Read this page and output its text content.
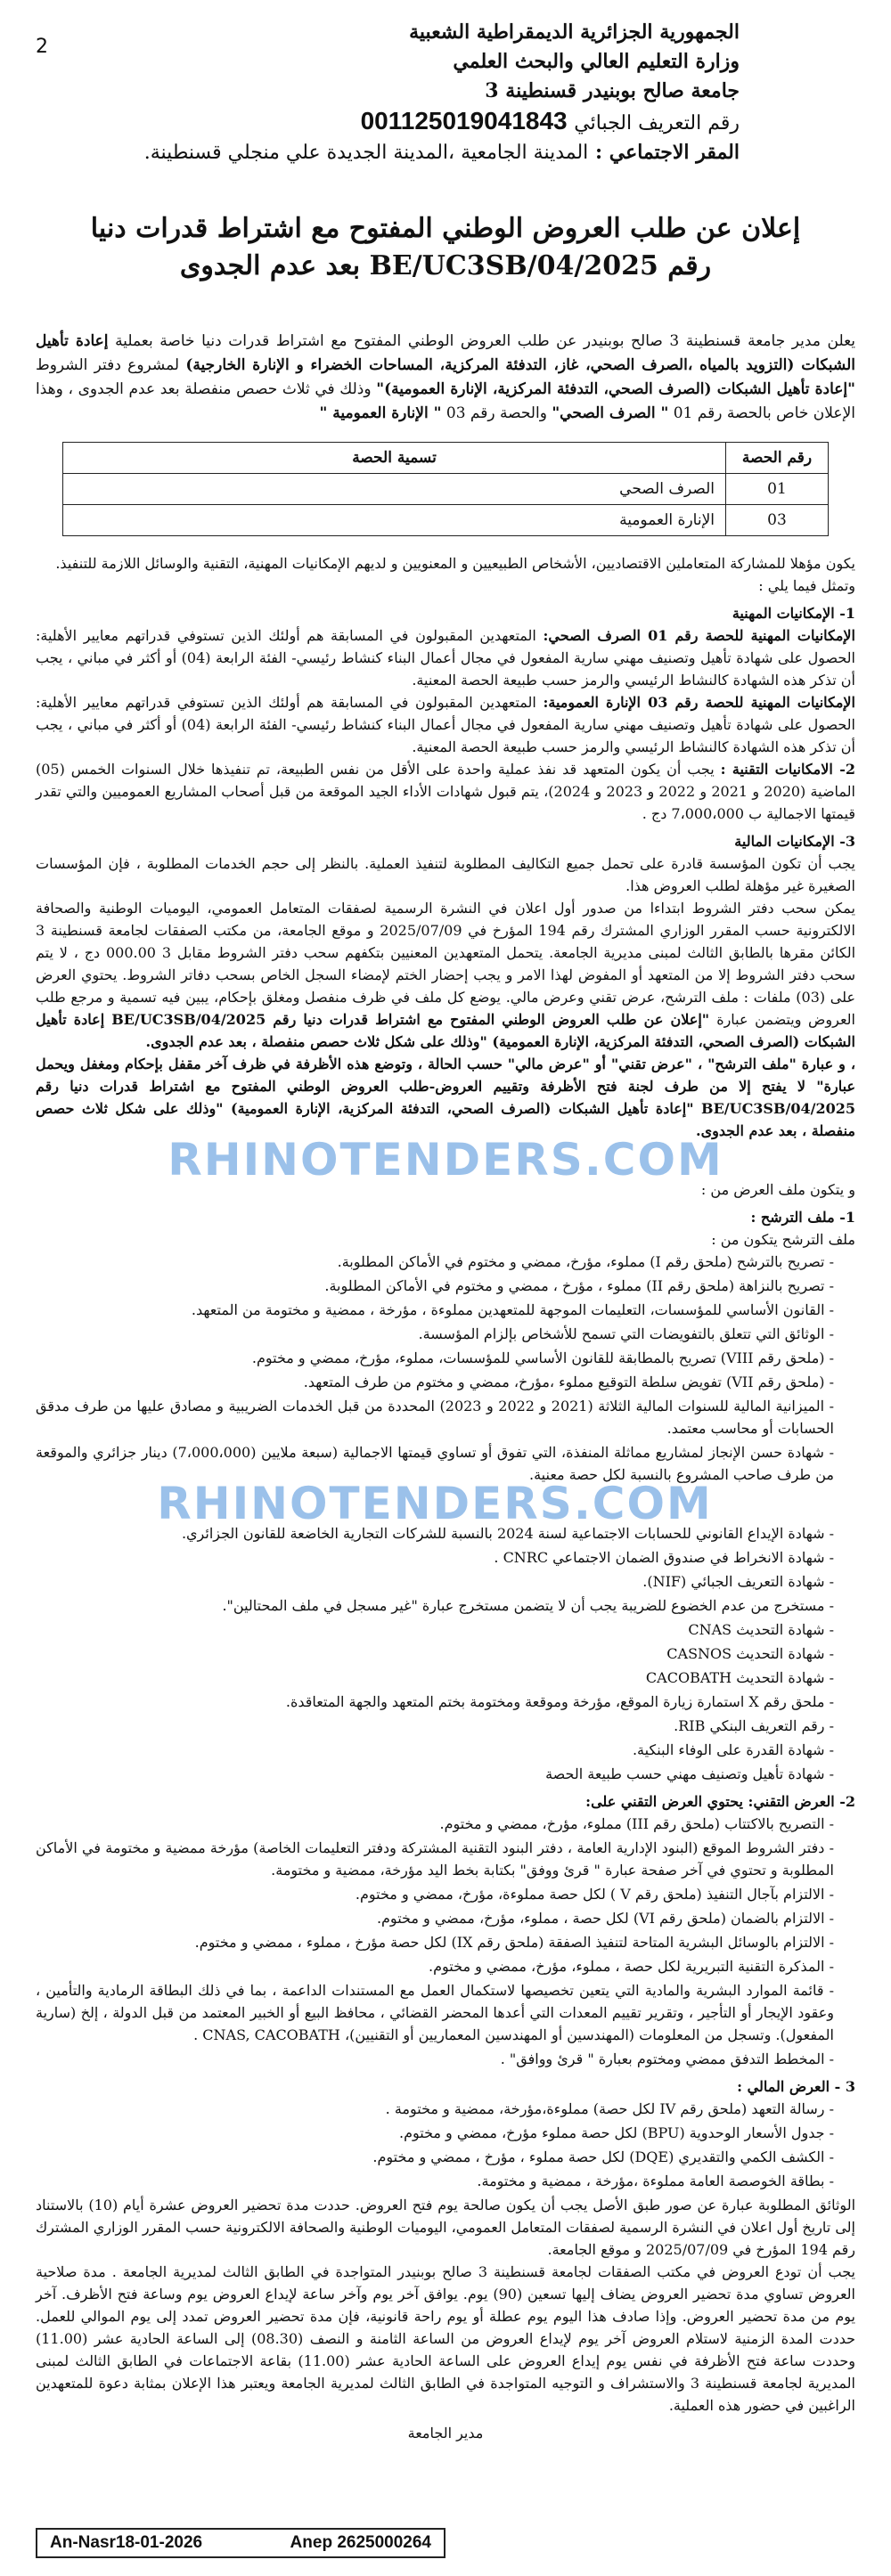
2
الجمهورية الجزائرية الديمقراطية الشعبية
وزارة التعليم العالي والبحث العلمي
جامعة صالح بوبنيدر قسنطينة 3
رقم التعريف الجبائي 001125019041843
المقر الاجتماعي : المدينة الجامعية ،المدينة الجديدة علي منجلي قسنطينة.
إعلان عن طلب العروض الوطني المفتوح مع اشتراط قدرات دنيا
رقم 2025/BE/UC3SB/04 بعد عدم الجدوى
يعلن مدير جامعة قسنطينة 3 صالح بوبنيدر عن طلب العروض الوطني المفتوح مع اشتراط قدرات دنيا خاصة بعملية إعادة تأهيل الشبكات (التزويد بالمياه ،الصرف الصحي، غاز، التدفئة المركزية، المساحات الخضراء و الإنارة الخارجية) لمشروع دفتر الشروط "إعادة تأهيل الشبكات (الصرف الصحي، التدفئة المركزية، الإنارة العمومية)" وذلك في ثلاث حصص منفصلة بعد عدم الجدوى ، وهذا الإعلان خاص بالحصة رقم 01 " الصرف الصحي" والحصة رقم 03 " الإنارة العمومية "
رقم الحصة	تسمية الحصة
01	الصرف الصحي
03	الإنارة العمومية

يكون مؤهلا للمشاركة المتعاملين الاقتصاديين، الأشخاص الطبيعيين و المعنويين و لديهم الإمكانيات المهنية، التقنية والوسائل اللازمة للتنفيذ.

وتمثل فيما يلي :

1- الإمكانيات المهنية

الإمكانيات المهنية للحصة رقم 01 الصرف الصحي: المتعهدين المقبولون في المسابقة هم أولئك الذين تستوفي قدراتهم معايير الأهلية: الحصول على شهادة تأهيل وتصنيف مهني سارية المفعول في مجال أعمال البناء كنشاط رئيسي- الفئة الرابعة (04) أو أكثر في مباني ، يجب أن تذكر هذه الشهادة كالنشاط الرئيسي والرمز حسب طبيعة الحصة المعنية.

الإمكانيات المهنية للحصة رقم 03 الإنارة العمومية: المتعهدين المقبولون في المسابقة هم أولئك الذين تستوفي قدراتهم معايير الأهلية: الحصول على شهادة تأهيل وتصنيف مهني سارية المفعول في مجال أعمال البناء كنشاط رئيسي- الفئة الرابعة (04) أو أكثر في مباني ، يجب أن تذكر هذه الشهادة كالنشاط الرئيسي والرمز حسب طبيعة الحصة المعنية.

2- الامكانيات التقنية : يجب أن يكون المتعهد قد نفذ عملية واحدة على الأقل من نفس الطبيعة، تم تنفيذها خلال السنوات الخمس (05) الماضية (2020 و 2021 و 2022 و 2023 و 2024)، يتم قبول شهادات الأداء الجيد الموقعة من قبل أصحاب المشاريع العموميين والتي تقدر قيمتها الاجمالية ب 7،000،000 دج .

3- الإمكانيات المالية

يجب أن تكون المؤسسة قادرة على تحمل جميع التكاليف المطلوبة لتنفيذ العملية. بالنظر إلى حجم الخدمات المطلوبة ، فإن المؤسسات الصغيرة غير مؤهلة لطلب العروض هذا.

يمكن سحب دفتر الشروط ابتداءا من صدور أول اعلان في النشرة الرسمية لصفقات المتعامل العمومي، اليوميات الوطنية والصحافة الالكترونية حسب المقرر الوزاري المشترك رقم 194 المؤرخ في 2025/07/09 و موقع الجامعة، من مكتب الصفقات لجامعة قسنطينة 3 الكائن مقرها بالطابق الثالث لمبنى مديرية الجامعة. يتحمل المتعهدين المعنيين بتكفهم سحب دفتر الشروط مقابل 3 000.00 دج ، لا يتم سحب دفتر الشروط إلا من المتعهد أو المفوض لهذا الامر و يجب إحضار الختم لإمضاء السجل الخاص بسحب دفاتر الشروط. يحتوي العرض على (03) ملفات : ملف الترشح، عرض تقني وعرض مالي. يوضع كل ملف في ظرف منفصل ومغلق بإحكام، يبين فيه تسمية و مرجع طلب العروض ويتضمن عبارة "إعلان عن طلب العروض الوطني المفتوح مع اشتراط قدرات دنيا رقم 2025/BE/UC3SB/04 إعادة تأهيل الشبكات (الصرف الصحي، التدفئة المركزية، الإنارة العمومية) "وذلك على شكل ثلاث حصص منفصلة ، بعد عدم الجدوى.

، و عبارة "ملف الترشح" ، "عرض تقني" أو "عرض مالي" حسب الحالة ، وتوضع هذه الأظرفة في ظرف آخر مقفل بإحكام ومغفل ويحمل عبارة" لا يفتح إلا من طرف لجنة فتح الأظرفة وتقييم العروض-طلب العروض الوطني المفتوح مع اشتراط قدرات دنيا رقم 2025/BE/UC3SB/04 "إعادة تأهيل الشبكات (الصرف الصحي، التدفئة المركزية، الإنارة العمومية) "وذلك على شكل ثلاث حصص منفصلة ، بعد عدم الجدوى.

RHINOTENDERS.COM

و يتكون ملف العرض من :

1- ملف الترشح :

ملف الترشح يتكون من :

- تصريح بالترشح (ملحق رقم I) مملوء، مؤرخ، ممضي و مختوم في الأماكن المطلوبة.

- تصريح بالنزاهة (ملحق رقم II) مملوء ، مؤرخ ، ممضي و مختوم في الأماكن المطلوبة.

- القانون الأساسي للمؤسسات، التعليمات الموجهة للمتعهدين مملوءة ، مؤرخة ، ممضية و مختومة من المتعهد.

- الوثائق التي تتعلق بالتفويضات التي تسمح للأشخاص بإلزام المؤسسة.

- (ملحق رقم VIII) تصريح بالمطابقة للقانون الأساسي للمؤسسات، مملوء، مؤرخ، ممضي و مختوم.

- (ملحق رقم VII) تفويض سلطة التوقيع مملوء ،مؤرخ، ممضي و مختوم من طرف المتعهد.

- الميزانية المالية للسنوات المالية الثلاثة (2021 و 2022 و 2023) المحددة من قبل الخدمات الضريبية و مصادق عليها من طرف مدقق الحسابات أو محاسب معتمد.

- شهادة حسن الإنجاز لمشاريع مماثلة المنفذة، التي تفوق أو تساوي قيمتها الاجمالية (سبعة ملايين (7،000،000) دينار جزائري والموقعة من طرف صاحب المشروع بالنسبة لكل حصة معنية.

RHINOTENDERS.COM

- شهادة الإيداع القانوني للحسابات الاجتماعية لسنة 2024 بالنسبة للشركات التجارية الخاضعة للقانون الجزائري.

- شهادة الانخراط في صندوق الضمان الاجتماعي CNRC .

- شهادة التعريف الجبائي (NIF).

- مستخرج من عدم الخضوع للضريبة يجب أن لا يتضمن مستخرج عبارة "غير مسجل في ملف المحتالين".

- شهادة التحديث CNAS

- شهادة التحديث CASNOS

- شهادة التحديث CACOBATH

- ملحق رقم X استمارة زيارة الموقع، مؤرخة وموقعة ومختومة بختم المتعهد والجهة المتعاقدة.

- رقم التعريف البنكي RIB.

- شهادة القدرة على الوفاء البنكية.

- شهادة تأهيل وتصنيف مهني حسب طبيعة الحصة

2- العرض التقني: يحتوي العرض التقني على:

- التصريح بالاكتتاب (ملحق رقم III) مملوء، مؤرخ، ممضي و مختوم.

- دفتر الشروط الموقع (البنود الإدارية العامة ، دفتر البنود التقنية المشتركة ودفتر التعليمات الخاصة) مؤرخة ممضية و مختومة في الأماكن المطلوبة و تحتوي في آخر صفحة عبارة " قرئ ووفق" بكتابة بخط اليد مؤرخة، ممضية و مختومة.

- الالتزام بآجال التنفيذ (ملحق رقم V ) لكل حصة مملوءة، مؤرخ، ممضي و مختوم.

- الالتزام بالضمان (ملحق رقم VI) لكل حصة ، مملوء، مؤرخ، ممضي و مختوم.

- الالتزام بالوسائل البشرية المتاحة لتنفيذ الصفقة (ملحق رقم IX) لكل حصة مؤرخ ، مملوء ، ممضي و مختوم.

- المذكرة التقنية التبريرية لكل حصة ، مملوء، مؤرخ، ممضي و مختوم.

- قائمة الموارد البشرية والمادية التي يتعين تخصيصها لاستكمال العمل مع المستندات الداعمة ، بما في ذلك البطاقة الرمادية والتأمين ، وعقود الإيجار أو التأجير ، وتقرير تقييم المعدات التي أعدها المحضر القضائي ، محافظ البيع أو الخبير المعتمد من قبل الدولة ، إلخ (سارية المفعول). وتسجل من المعلومات (المهندسين أو المهندسين المعماريين أو التقنيين)، CNAS, CACOBATH .

- المخطط التدفق ممضي ومختوم بعبارة " قرئ ووافق" .

3 - العرض المالي :

- رسالة التعهد (ملحق رقم IV لكل حصة) مملوءة،مؤرخة، ممضية و مختومة .

- جدول الأسعار الوحدوية (BPU) لكل حصة مملوء مؤرخ، ممضي و مختوم.

- الكشف الكمي والتقديري (DQE) لكل حصة مملوء ، مؤرخ ، ممضي و مختوم.

- بطاقة الخوصصة العامة مملوءة ،مؤرخة ، ممضية و مختومة.

الوثائق المطلوبة عبارة عن صور طبق الأصل يجب أن يكون صالحة يوم فتح العروض. حددت مدة تحضير العروض عشرة أيام (10) بالاستناد إلى تاريخ أول اعلان في النشرة الرسمية لصفقات المتعامل العمومي، اليوميات الوطنية والصحافة الالكترونية حسب المقرر الوزاري المشترك رقم 194 المؤرخ في 2025/07/09 و موقع الجامعة.

يجب أن تودع العروض في مكتب الصفقات لجامعة قسنطينة 3 صالح بوبنيدر المتواجدة في الطابق الثالث لمديرية الجامعة . مدة صلاحية العروض تساوي مدة تحضير العروض يضاف إليها تسعين (90) يوم. يوافق آخر يوم وآخر ساعة لإيداع العروض يوم وساعة فتح الأظرف. آخر يوم من مدة تحضير العروض. وإذا صادف هذا اليوم يوم عطلة أو يوم راحة قانونية، فإن مدة تحضير العروض تمدد إلى يوم الموالي للعمل. حددت المدة الزمنية لاستلام العروض آخر يوم لإيداع العروض من الساعة الثامنة و النصف (08.30) إلى الساعة الحادية عشر (11.00) وحددت ساعة فتح الأظرفة في نفس يوم إيداع العروض على الساعة الحادية عشر (11.00) بقاعة الاجتماعات في الطابق الثالث لمبنى المديرية لجامعة قسنطينة 3 والاستشراف و التوجيه المتواجدة في الطابق الثالث لمديرية الجامعة ويعتبر هذا الإعلان بمثابة دعوة للمتعهدين الراغبين في حضور هذه العملية.

مدير الجامعة

An-Nasr18-01-2026	Anep 2625000264
